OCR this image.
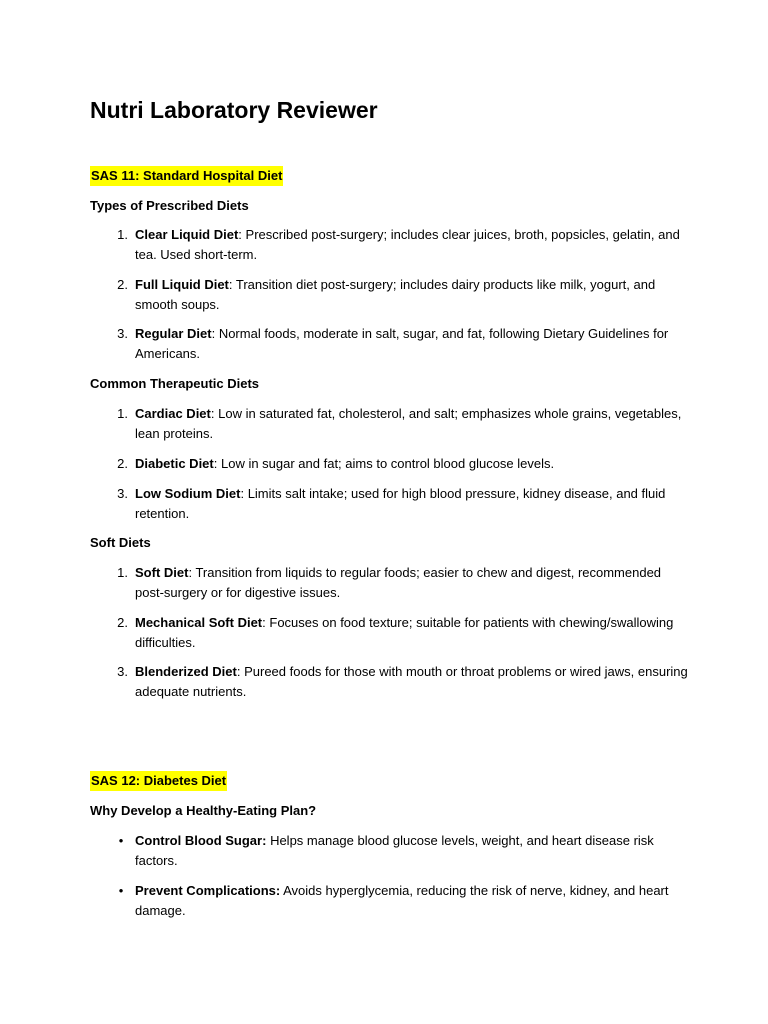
Nutri Laboratory Reviewer
SAS 11: Standard Hospital Diet
Types of Prescribed Diets
1. Clear Liquid Diet: Prescribed post-surgery; includes clear juices, broth, popsicles, gelatin, and tea. Used short-term.
2. Full Liquid Diet: Transition diet post-surgery; includes dairy products like milk, yogurt, and smooth soups.
3. Regular Diet: Normal foods, moderate in salt, sugar, and fat, following Dietary Guidelines for Americans.
Common Therapeutic Diets
1. Cardiac Diet: Low in saturated fat, cholesterol, and salt; emphasizes whole grains, vegetables, lean proteins.
2. Diabetic Diet: Low in sugar and fat; aims to control blood glucose levels.
3. Low Sodium Diet: Limits salt intake; used for high blood pressure, kidney disease, and fluid retention.
Soft Diets
1. Soft Diet: Transition from liquids to regular foods; easier to chew and digest, recommended post-surgery or for digestive issues.
2. Mechanical Soft Diet: Focuses on food texture; suitable for patients with chewing/swallowing difficulties.
3. Blenderized Diet: Pureed foods for those with mouth or throat problems or wired jaws, ensuring adequate nutrients.
SAS 12: Diabetes Diet
Why Develop a Healthy-Eating Plan?
• Control Blood Sugar: Helps manage blood glucose levels, weight, and heart disease risk factors.
• Prevent Complications: Avoids hyperglycemia, reducing the risk of nerve, kidney, and heart damage.
